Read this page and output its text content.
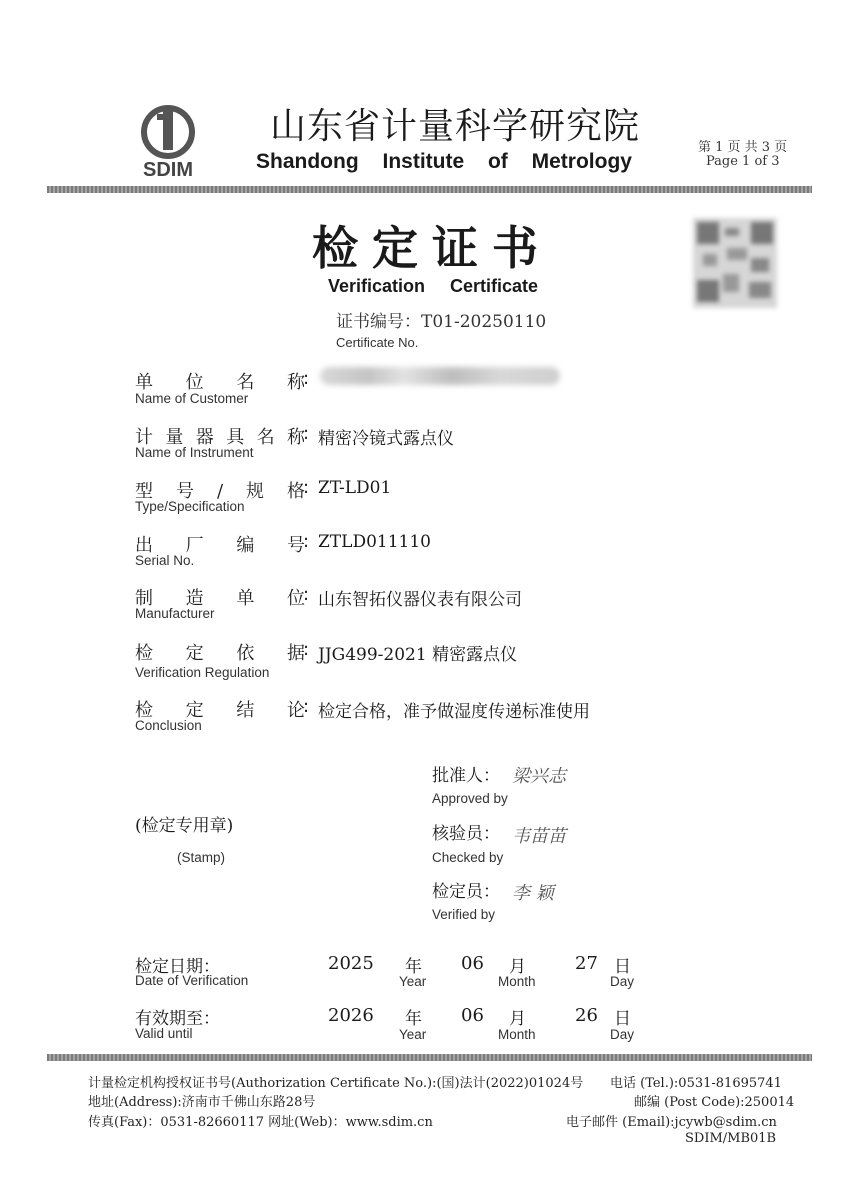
SDIM
山东省计量科学研究院
Shandong Institute of Metrology
第 1 页 共 3 页
Page 1 of 3
检定证书
Verification Certificate
证书编号：T01-20250110
Certificate No.
单位名称
:
Name of Customer
计量器具名称
: 精密冷镜式露点仪
Name of Instrument
型号/规格
: ZT-LD01
Type/Specification
出厂编号
: ZTLD011110
Serial No.
制造单位
: 山东智拓仪器仪表有限公司
Manufacturer
检定依据
: JJG499-2021 精密露点仪
Verification Regulation
检定结论
: 检定合格，准予做湿度传递标准使用
Conclusion
(检定专用章)
(Stamp)
批准人： 梁兴志
Approved by
核验员： 韦苗苗
Checked by
检定员： 李 颖
Verified by
检定日期：
Date of Verification
2025 年
Year
06 月
Month
27 日
Day
有效期至：
Valid until
2026 年
Year
06 月
Month
26 日
Day
计量检定机构授权证书号(Authorization Certificate No.):(国)法计(2022)01024号 电话 (Tel.):0531-81695741
地址(Address):济南市千佛山东路28号	邮编 (Post Code):250014
传真(Fax)：0531-82660117 网址(Web)：www.sdim.cn	电子邮件 (Email):jcywb@sdim.cn
SDIM/MB01B
